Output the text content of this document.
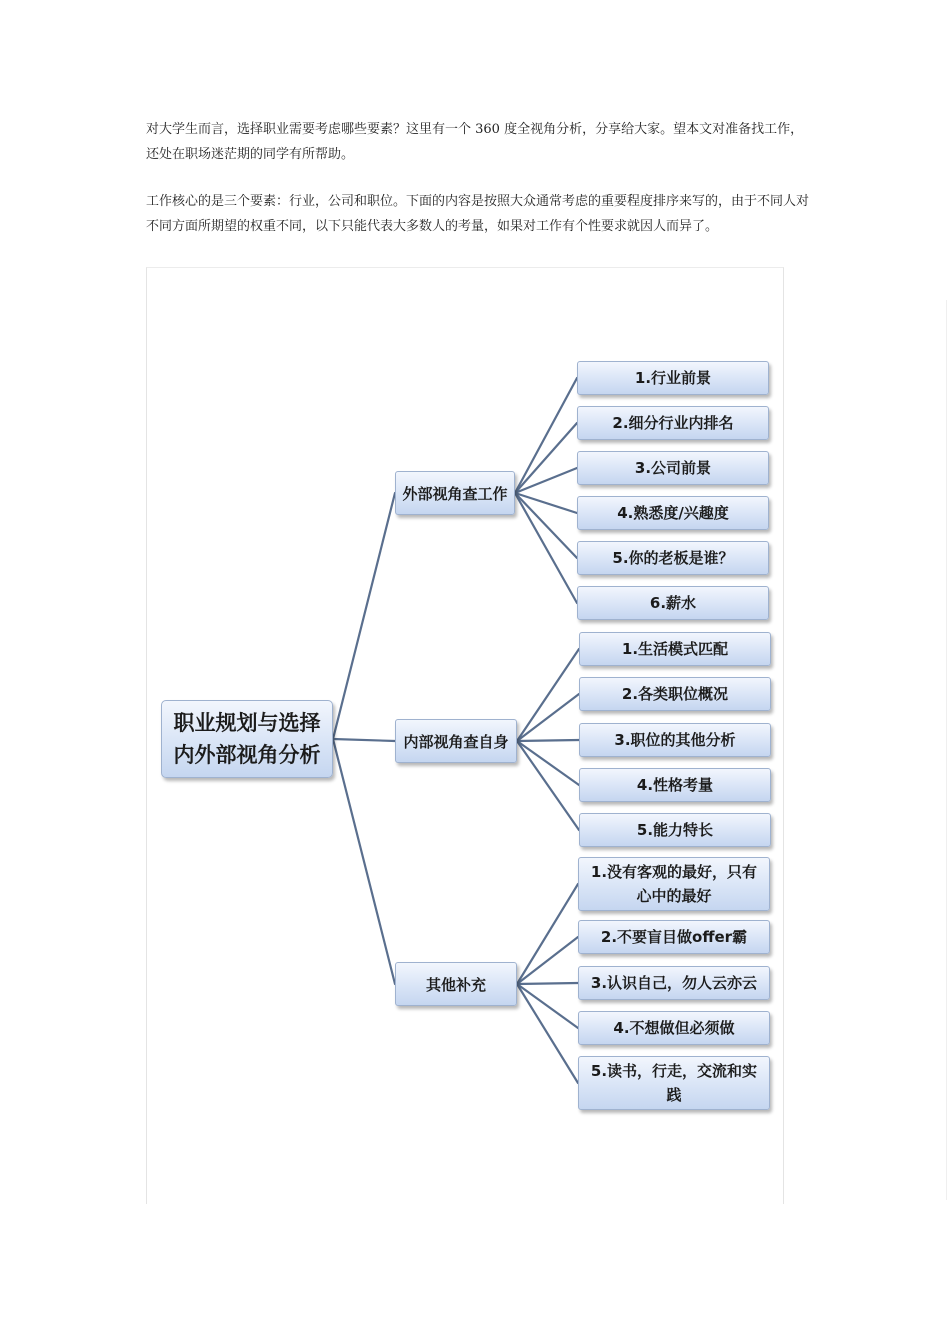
对大学生而言，选择职业需要考虑哪些要素？这里有一个 360 度全视角分析，分享给大家。望本文对准备找工作，还处在职场迷茫期的同学有所帮助。

工作核心的是三个要素：行业，公司和职位。下面的内容是按照大众通常考虑的重要程度排序来写的，由于不同人对不同方面所期望的权重不同，以下只能代表大多数人的考量，如果对工作有个性要求就因人而异了。

职业规划与选择内外部视角分析
外部视角查工作
内部视角查自身
其他补充
1.行业前景
2.细分行业内排名
3.公司前景
4.熟悉度/兴趣度
5.你的老板是谁？
6.薪水
1.生活模式匹配
2.各类职位概况
3.职位的其他分析
4.性格考量
5.能力特长
1.没有客观的最好，只有心中的最好
2.不要盲目做offer霸
3.认识自己，勿人云亦云
4.不想做但必须做
5.读书，行走，交流和实践
